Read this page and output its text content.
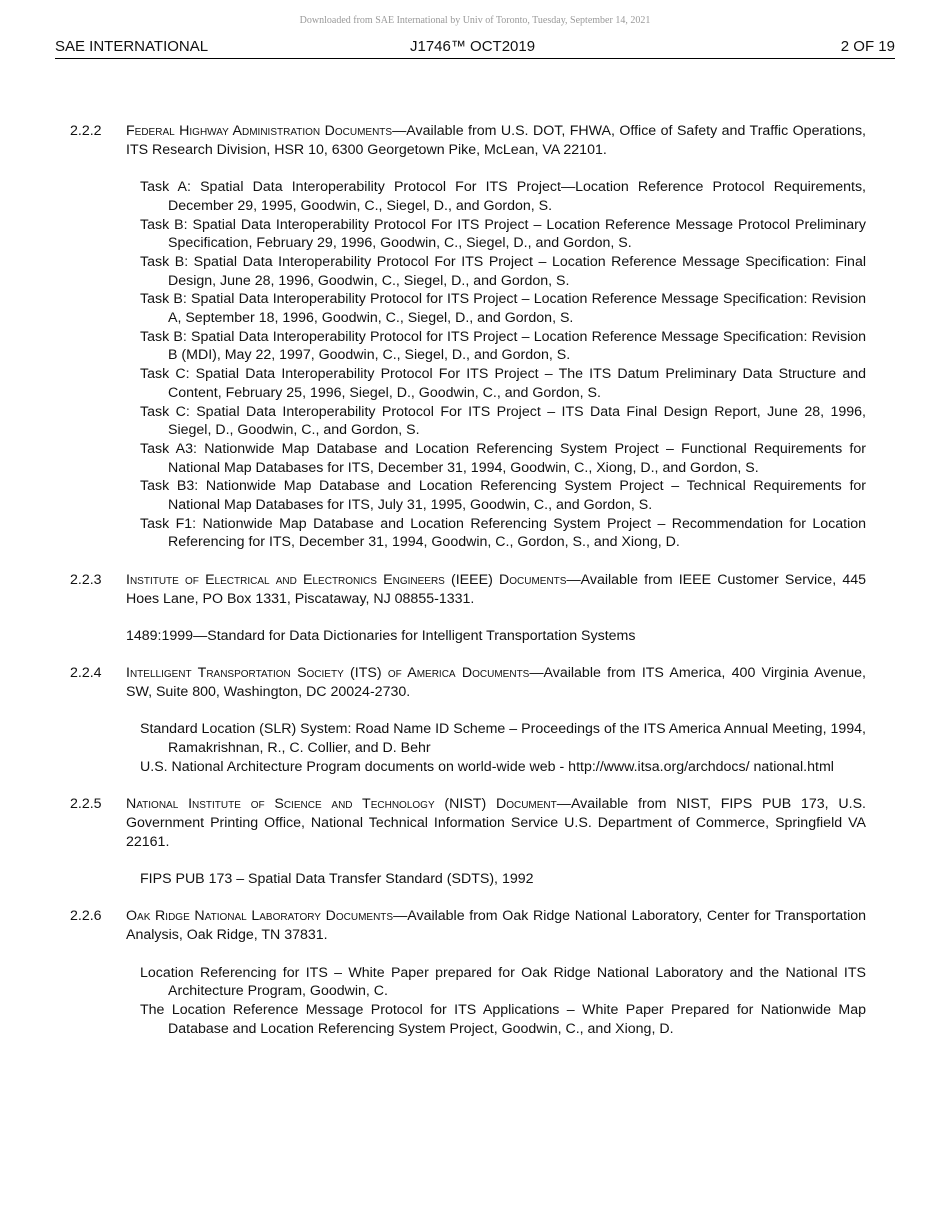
Downloaded from SAE International by Univ of Toronto, Tuesday, September 14, 2021
SAE INTERNATIONAL	J1746™ OCT2019	2 OF 19
2.2.2	Federal Highway Administration Documents—Available from U.S. DOT, FHWA, Office of Safety and Traffic Operations, ITS Research Division, HSR 10, 6300 Georgetown Pike, McLean, VA 22101.
Task A: Spatial Data Interoperability Protocol For ITS Project—Location Reference Protocol Requirements, December 29, 1995, Goodwin, C., Siegel, D., and Gordon, S.
Task B: Spatial Data Interoperability Protocol For ITS Project – Location Reference Message Protocol Preliminary Specification, February 29, 1996, Goodwin, C., Siegel, D., and Gordon, S.
Task B: Spatial Data Interoperability Protocol For ITS Project – Location Reference Message Specification: Final Design, June 28, 1996, Goodwin, C., Siegel, D., and Gordon, S.
Task B: Spatial Data Interoperability Protocol for ITS Project – Location Reference Message Specification: Revision A, September 18, 1996, Goodwin, C., Siegel, D., and Gordon, S.
Task B: Spatial Data Interoperability Protocol for ITS Project – Location Reference Message Specification: Revision B (MDI), May 22, 1997, Goodwin, C., Siegel, D., and Gordon, S.
Task C: Spatial Data Interoperability Protocol For ITS Project – The ITS Datum Preliminary Data Structure and Content, February 25, 1996, Siegel, D., Goodwin, C., and Gordon, S.
Task C: Spatial Data Interoperability Protocol For ITS Project – ITS Data Final Design Report, June 28, 1996, Siegel, D., Goodwin, C., and Gordon, S.
Task A3: Nationwide Map Database and Location Referencing System Project – Functional Requirements for National Map Databases for ITS, December 31, 1994, Goodwin, C., Xiong, D., and Gordon, S.
Task B3: Nationwide Map Database and Location Referencing System Project – Technical Requirements for National Map Databases for ITS, July 31, 1995, Goodwin, C., and Gordon, S.
Task F1: Nationwide Map Database and Location Referencing System Project – Recommendation for Location Referencing for ITS, December 31, 1994, Goodwin, C., Gordon, S., and Xiong, D.
2.2.3	Institute of Electrical and Electronics Engineers (IEEE) Documents—Available from IEEE Customer Service, 445 Hoes Lane, PO Box 1331, Piscataway, NJ 08855-1331.
1489:1999—Standard for Data Dictionaries for Intelligent Transportation Systems
2.2.4	Intelligent Transportation Society (ITS) of America Documents—Available from ITS America, 400 Virginia Avenue, SW, Suite 800, Washington, DC 20024-2730.
Standard Location (SLR) System: Road Name ID Scheme – Proceedings of the ITS America Annual Meeting, 1994, Ramakrishnan, R., C. Collier, and D. Behr
U.S. National Architecture Program documents on world-wide web - http://www.itsa.org/archdocs/ national.html
2.2.5	National Institute of Science and Technology (NIST) Document—Available from NIST, FIPS PUB 173, U.S. Government Printing Office, National Technical Information Service U.S. Department of Commerce, Springfield VA 22161.
FIPS PUB 173 – Spatial Data Transfer Standard (SDTS), 1992
2.2.6	Oak Ridge National Laboratory Documents—Available from Oak Ridge National Laboratory, Center for Transportation Analysis, Oak Ridge, TN 37831.
Location Referencing for ITS – White Paper prepared for Oak Ridge National Laboratory and the National ITS Architecture Program, Goodwin, C.
The Location Reference Message Protocol for ITS Applications – White Paper Prepared for Nationwide Map Database and Location Referencing System Project, Goodwin, C., and Xiong, D.
